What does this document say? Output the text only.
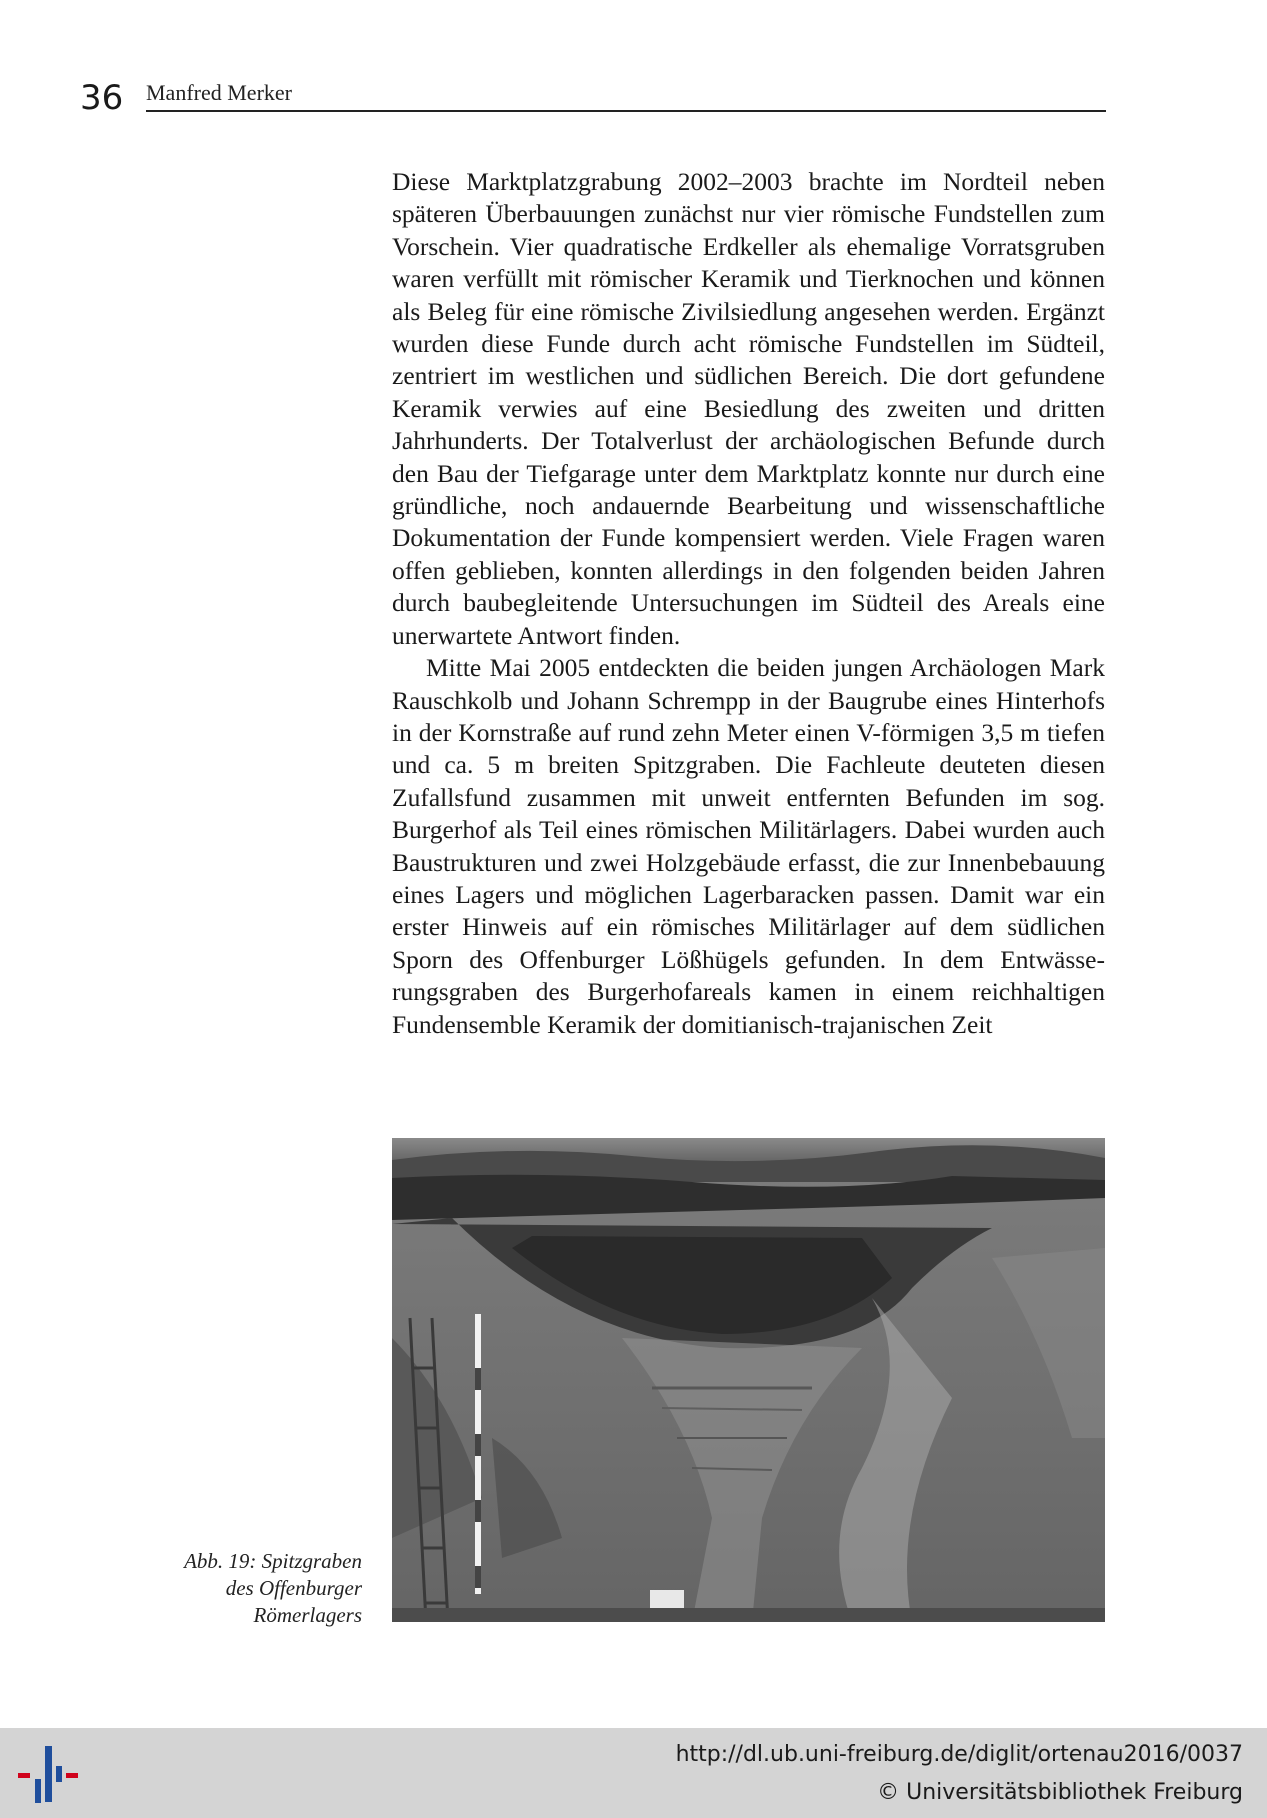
36 Manfred Merker

Diese Marktplatzgrabung 2002–2003 brachte im Nordteil neben späteren Überbauungen zunächst nur vier römische Fundstellen zum Vorschein. Vier quadratische Erdkeller als ehemalige Vorratsgruben waren verfüllt mit römischer Keramik und Tierknochen und können als Beleg für eine römische Zivilsiedlung angesehen werden. Ergänzt wurden diese Funde durch acht römische Fundstellen im Südteil, zentriert im westlichen und südlichen Bereich. Die dort gefundene Keramik verwies auf eine Besiedlung des zweiten und dritten Jahrhunderts. Der Totalverlust der archäologischen Befunde durch den Bau der Tiefgarage unter dem Marktplatz konnte nur durch eine gründliche, noch andauernde Bearbeitung und wissenschaftliche Dokumentation der Funde kompensiert werden. Viele Fragen waren offen geblieben, konnten allerdings in den folgenden beiden Jahren durch baubegleitende Untersuchungen im Südteil des Areals eine unerwartete Antwort finden.

Mitte Mai 2005 entdeckten die beiden jungen Archäologen Mark Rauschkolb und Johann Schrempp in der Baugrube eines Hinterhofs in der Kornstraße auf rund zehn Meter einen V-förmigen 3,5 m tiefen und ca. 5 m breiten Spitzgraben. Die Fachleute deuteten diesen Zufallsfund zusammen mit unweit entfernten Befunden im sog. Burgerhof als Teil eines römischen Militärlagers. Dabei wurden auch Baustrukturen und zwei Holzgebäude erfasst, die zur Innenbebauung eines Lagers und möglichen Lagerbaracken passen. Damit war ein erster Hinweis auf ein römisches Militärlager auf dem südlichen Sporn des Offenburger Lößhügels gefunden. In dem Entwässerungsgraben des Burgerhofareals kamen in einem reichhaltigen Fundensemble Keramik der domitianisch-trajanischen Zeit

Abb. 19: Spitzgraben
des Offenburger
Römerlagers
http://dl.ub.uni-freiburg.de/diglit/ortenau2016/0037
© Universitätsbibliothek Freiburg
